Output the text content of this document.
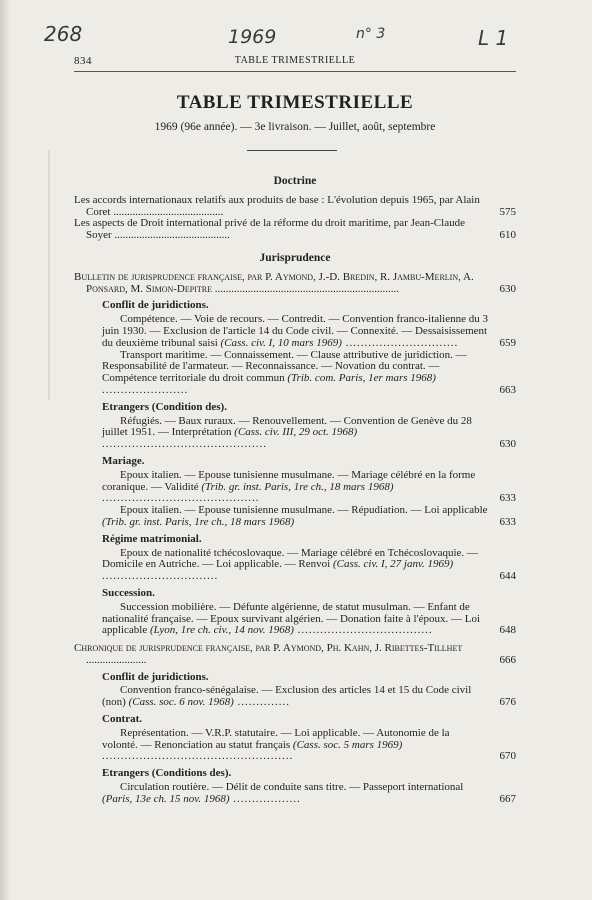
268	1969	n° 3	L 1
834	TABLE TRIMESTRIELLE
TABLE TRIMESTRIELLE
1969 (96e année). — 3e livraison. — Juillet, août, septembre
Doctrine
Les accords internationaux relatifs aux produits de base : L'évolution depuis 1965, par Alain Coret ........................................	575
Les aspects de Droit international privé de la réforme du droit maritime, par Jean-Claude Soyer ..........................................	610
Jurisprudence
Bulletin de jurisprudence française, par P. Aymond, J.-D. Bredin, R. Jambu-Merlin, A. Ponsard, M. Simon-Depitre ...................................................................	630
Conflit de juridictions.
Compétence. — Voie de recours. — Contredit. — Convention franco-italienne du 3 juin 1930. — Exclusion de l'article 14 du Code civil. — Connexité. — Dessaisissement du deuxième tribunal saisi (Cass. civ. I, 10 mars 1969) ..............................	659
Transport maritime. — Connaissement. — Clause attributive de juridiction. — Responsabilité de l'armateur. — Reconnaissance. — Novation du contrat. — Compétence territoriale du droit commun (Trib. com. Paris, 1er mars 1968) .......................	663
Etrangers (Condition des).
Réfugiés. — Baux ruraux. — Renouvellement. — Convention de Genève du 28 juillet 1951. — Interprétation (Cass. civ. III, 29 oct. 1968) ............................................	630
Mariage.
Epoux italien. — Epouse tunisienne musulmane. — Mariage célébré en la forme coranique. — Validité (Trib. gr. inst. Paris, 1re ch., 18 mars 1968) ..........................................	633
Epoux italien. — Epouse tunisienne musulmane. — Répudiation. — Loi applicable (Trib. gr. inst. Paris, 1re ch., 18 mars 1968)	633
Régime matrimonial.
Epoux de nationalité tchécoslovaque. — Mariage célébré en Tchécoslovaquie. — Domicile en Autriche. — Loi applicable. — Renvoi (Cass. civ. I, 27 janv. 1969) ...............................	644
Succession.
Succession mobilière. — Défunte algérienne, de statut musulman. — Enfant de nationalité française. — Epoux survivant algérien. — Donation faite à l'époux. — Loi applicable (Lyon, 1re ch. civ., 14 nov. 1968) ....................................	648
Chronique de jurisprudence française, par P. Aymond, Ph. Kahn, J. Ribettes-Tillhet ......................	666
Conflit de juridictions.
Convention franco-sénégalaise. — Exclusion des articles 14 et 15 du Code civil (non) (Cass. soc. 6 nov. 1968) ..............	676
Contrat.
Représentation. — V.R.P. statutaire. — Loi applicable. — Autonomie de la volonté. — Renonciation au statut français (Cass. soc. 5 mars 1969) ...................................................	670
Etrangers (Conditions des).
Circulation routière. — Délit de conduite sans titre. — Passeport international (Paris, 13e ch. 15 nov. 1968) ..................	667
